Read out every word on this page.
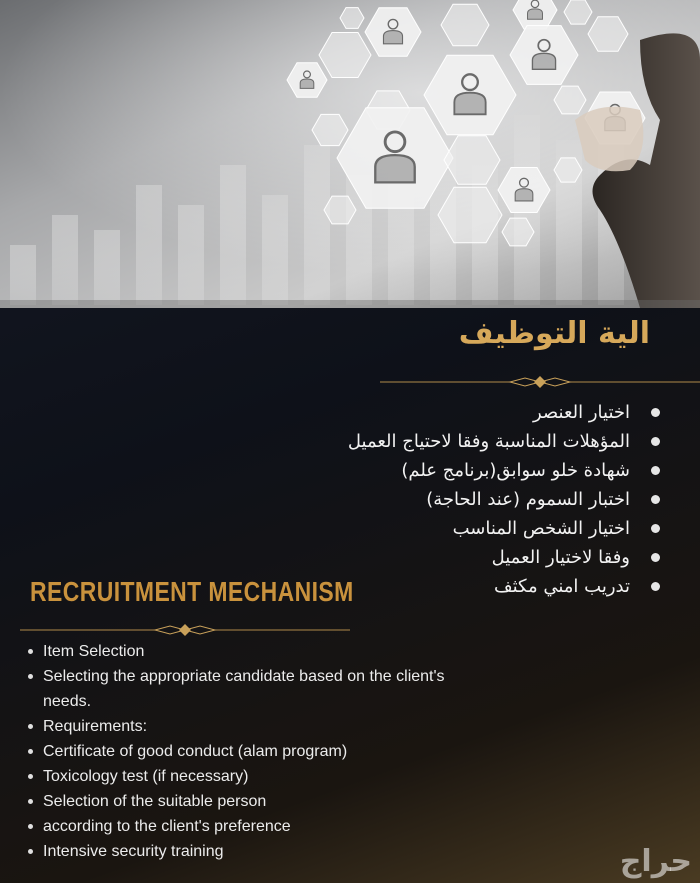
الية التوظيف
اختيار العنصر
المؤهلات المناسبة وفقا لاحتياج العميل
شهادة خلو سوابق(برنامج علم)
اختبار السموم (عند الحاجة)
اختيار الشخص المناسب
وفقا لاختيار العميل
تدريب امني مكثف
RECRUITMENT MECHANISM
Item Selection
Selecting the appropriate candidate based on the client's needs.
Requirements:
Certificate of good conduct (alam program)
Toxicology test (if necessary)
Selection of the suitable person
according to the client's preference
Intensive security training	حراج
